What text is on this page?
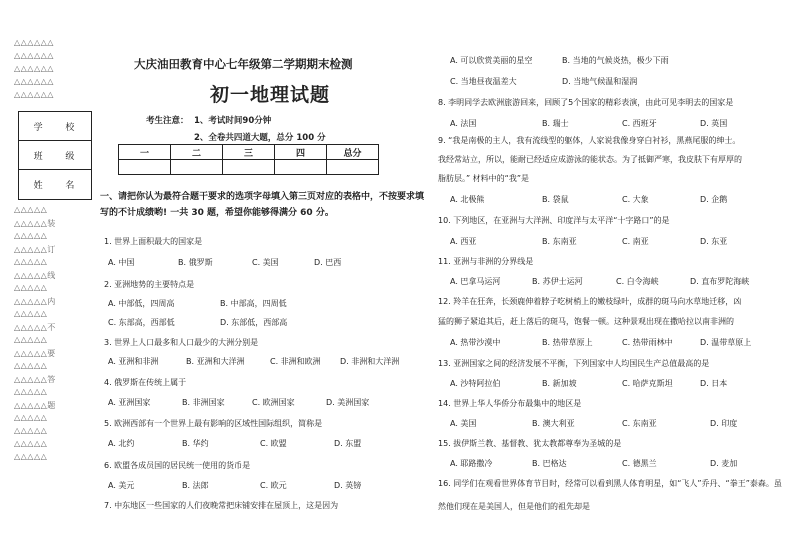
△△△△△△
△△△△△△
△△△△△△
△△△△△△
△△△△△△
学 校
班 级
姓 名
△△△△△
△△△△△装
△△△△△
△△△△△订
△△△△△
△△△△△线
△△△△△
△△△△△内
△△△△△
△△△△△不
△△△△△
△△△△△要
△△△△△
△△△△△答
△△△△△
△△△△△题
△△△△△
△△△△△
△△△△△
△△△△△
大庆油田教育中心七年级第二学期期末检测
初一地理试题
考生注意： 1、考试时间90分钟
2、全卷共四道大题，总分 100 分
一	二	三	四	总分

一、请把你认为最符合题干要求的选项字母填入第三页对应的表格中，不按要求填写的不计成绩哟! 一共 30 题，希望你能够得满分 60 分。
1. 世界上面积最大的国家是
A. 中国	B. 俄罗斯	C. 美国	D. 巴西
2. 亚洲地势的主要特点是
A. 中部低，四周高	B. 中部高，四周低
C. 东部高，西部低	D. 东部低，西部高
3. 世界上人口最多和人口最少的大洲分别是
A. 亚洲和非洲	B. 亚洲和大洋洲	C. 非洲和欧洲 D. 非洲和大洋洲
4. 俄罗斯在传统上属于
A. 亚洲国家	B. 非洲国家	C. 欧洲国家	D. 美洲国家
5. 欧洲西部有一个世界上最有影响的区域性国际组织，简称是
A. 北约	B. 华约	C. 欧盟	D. 东盟
6. 欧盟各成员国的居民统一使用的货币是
A. 美元	B. 法郎	C. 欧元	D. 英镑
7. 中东地区一些国家的人们夜晚常把床铺安排在屋顶上，这是因为
A. 可以欣赏美丽的星空	B. 当地的气候炎热，极少下雨
C. 当地昼夜温差大	D. 当地气候温和湿润
8. 李明同学去欧洲旅游回来，回顾了5个国家的精彩表演，由此可见李明去的国家是
A. 法国	B. 瑞士	C. 西班牙	D. 英国
9. “我是南极的主人，我有流线型的躯体，人家说我像身穿白衬衫，黑燕尾服的绅士。
我经常站立，所以，能耐已经适应成游泳的能状态。为了抵御严寒，我皮肤下有厚厚的
脂肪层。” 材料中的“我”是
A. 北极熊	B. 袋鼠	C. 大象	D. 企鹅
10. 下列地区，在亚洲与大洋洲、印度洋与太平洋“十字路口”的是
A. 西亚	B. 东南亚	C. 南亚	D. 东亚
11. 亚洲与非洲的分界线是
A. 巴拿马运河	B. 苏伊士运河	C. 白令海峡	D. 直布罗陀海峡
12. 羚羊在狂奔，长颈鹿伸着脖子吃树梢上的嫩枝绿叶，成群的斑马向水草地迁移，凶
猛的狮子紧追其后，赶上落后的斑马，饱餐一顿。这种景观出现在撒哈拉以南非洲的
A. 热带沙漠中	B. 热带草原上	C. 热带雨林中	D. 温带草原上
13. 亚洲国家之间的经济发展不平衡，下列国家中人均国民生产总值最高的是
A. 沙特阿拉伯	B. 新加坡	C. 哈萨克斯坦	D. 日本
14. 世界上华人华侨分布最集中的地区是
A. 美国	B. 澳大利亚	C. 东南亚	D. 印度
15. 拔伊斯兰教、基督教、犹太教都尊奉为圣城的是
A. 耶路撒冷	B. 巴格达	C. 德黑兰	D. 麦加
16. 同学们在观看世界体育节目时，经常可以看到黑人体育明星，如“飞人”乔丹、“拳王”泰森。虽然他们现在是美国人，但是他们的祖先却是
